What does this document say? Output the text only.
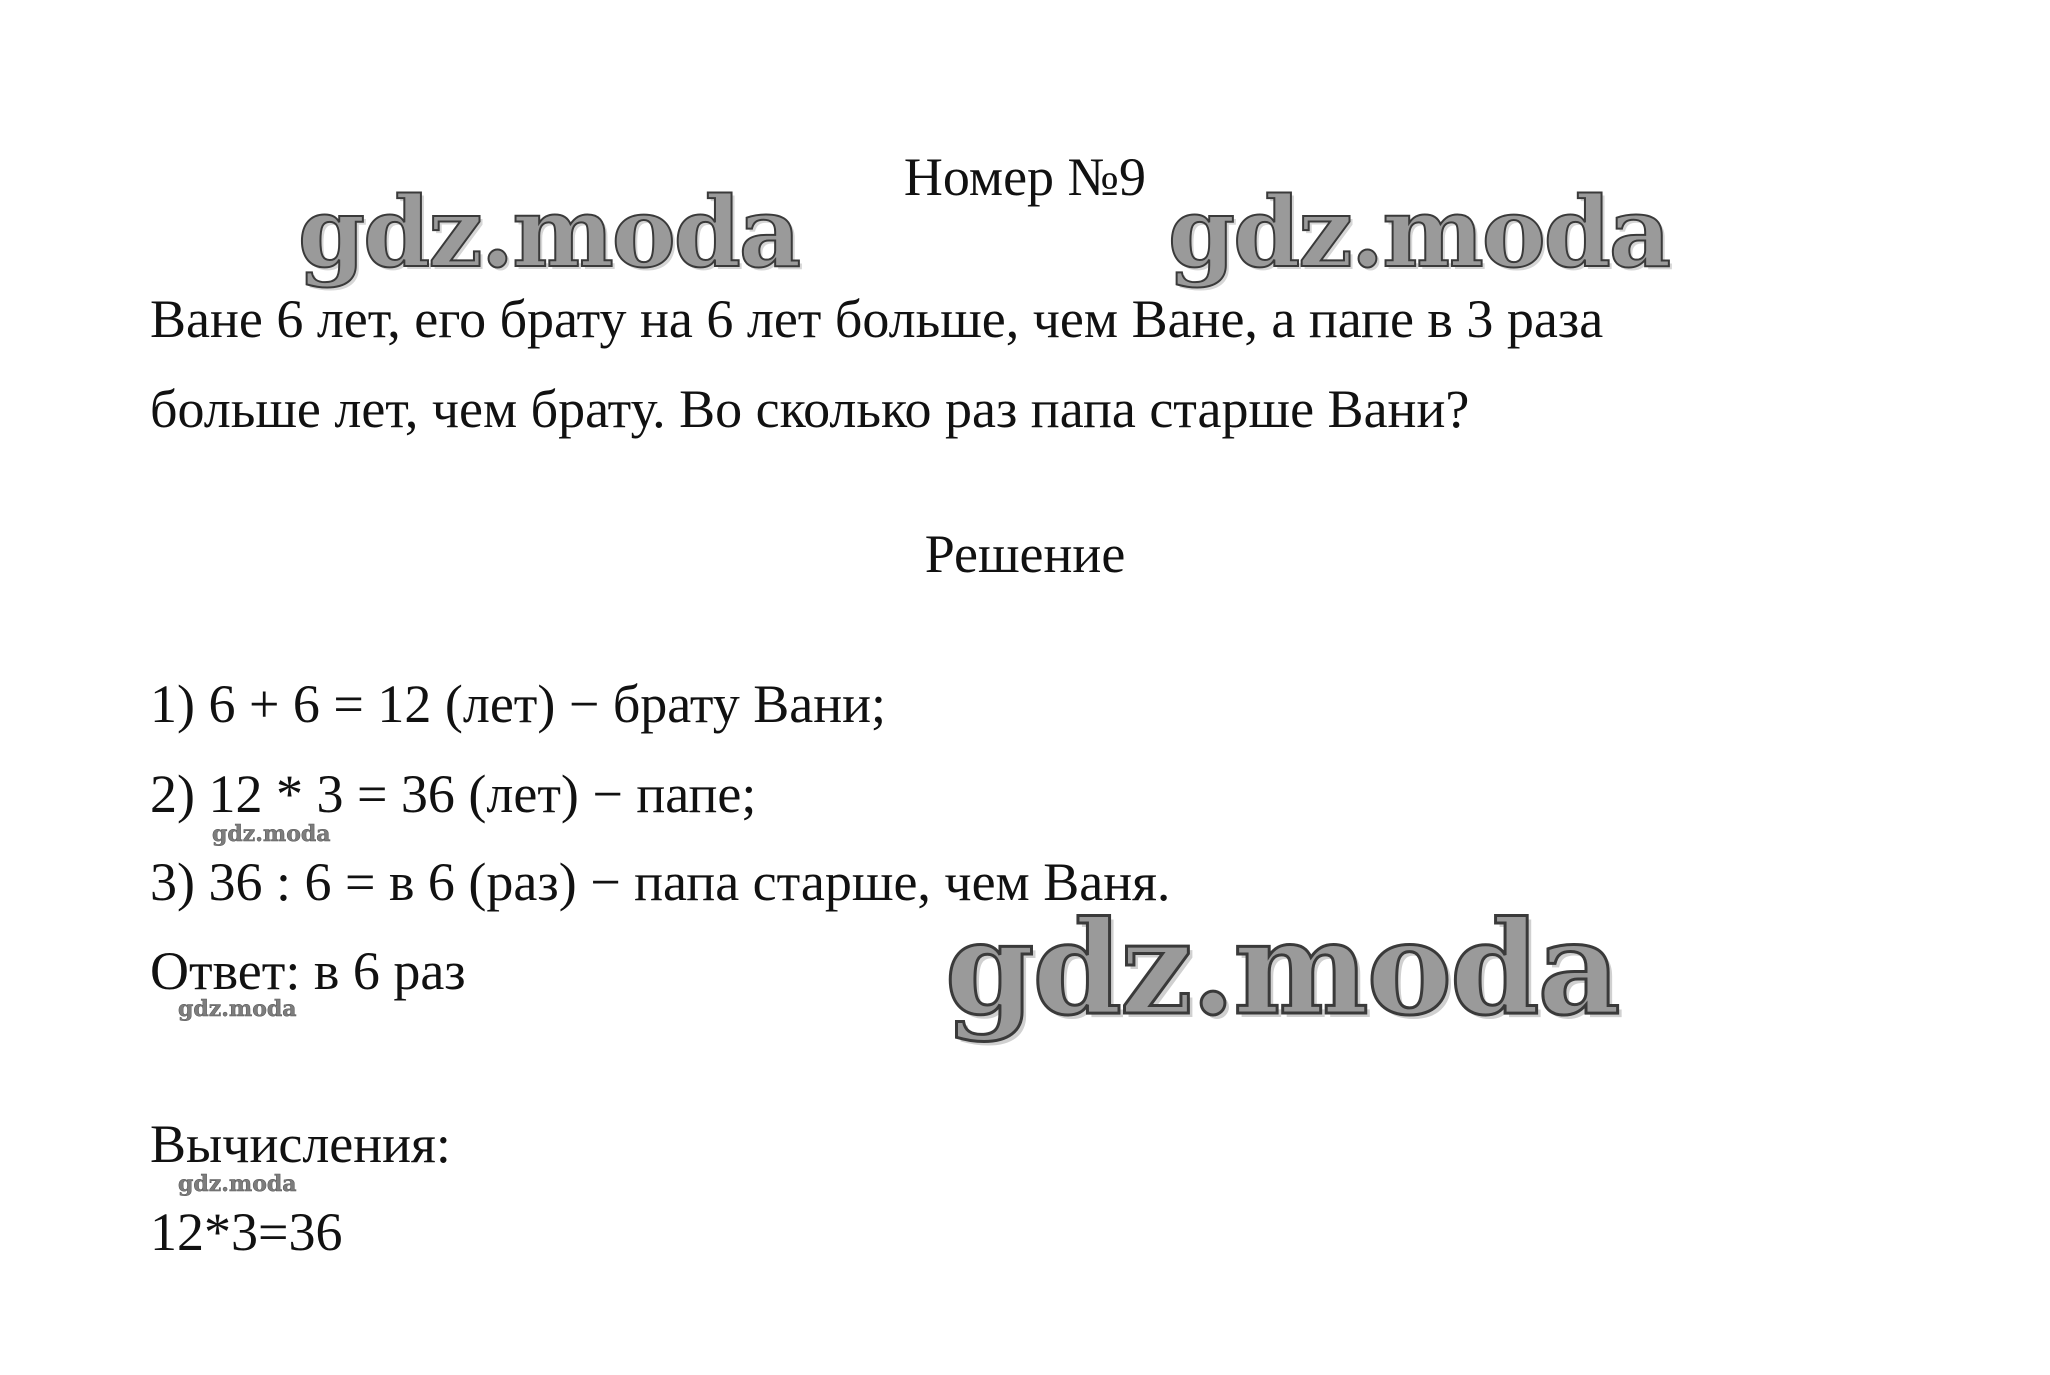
Номер №9
Ване 6 лет, его брату на 6 лет больше, чем Ване, а папе в 3 раза
больше лет, чем брату. Во сколько раз папа старше Вани?
Решение
1) 6 + 6 = 12 (лет) − брату Вани;
2) 12 * 3 = 36 (лет) − папе;
3) 36 : 6 = в 6 (раз) − папа старше, чем Ваня.
Ответ: в 6 раз
Вычисления:
12*3=36
gdz.moda	gdz.moda
gdz.moda
gdz.moda
gdz.moda
gdz.moda
